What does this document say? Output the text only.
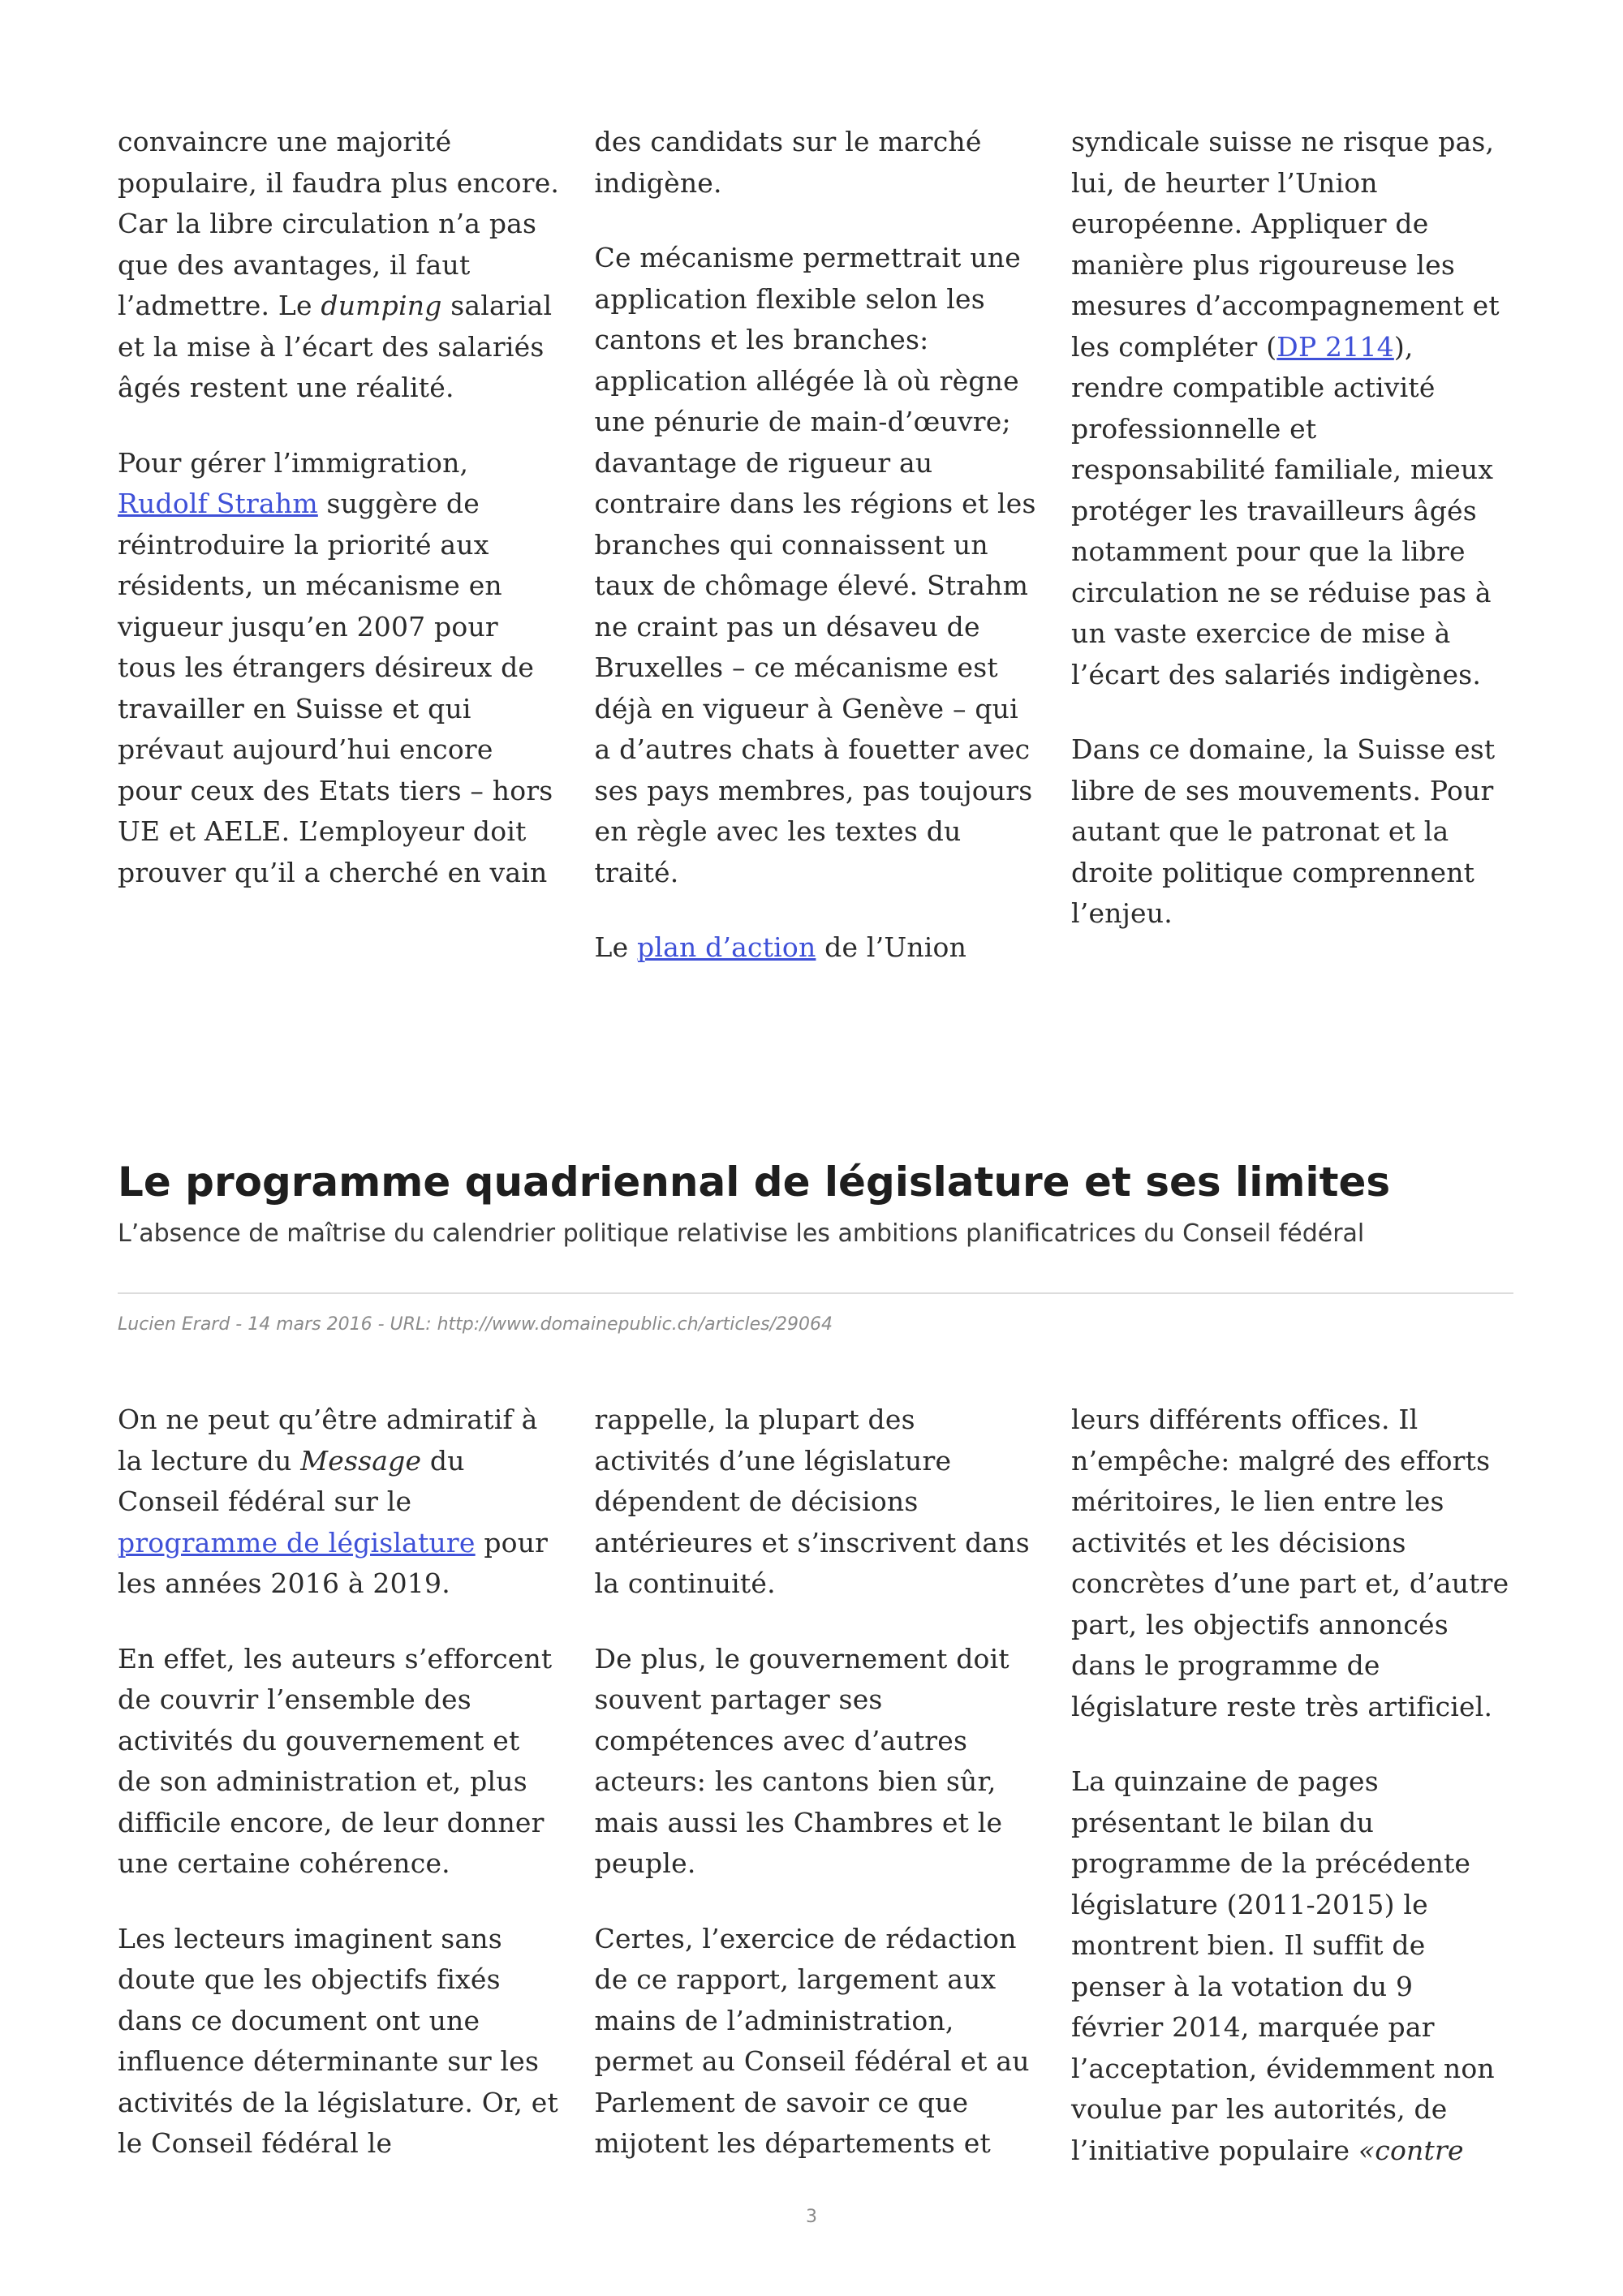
convaincre une majorité populaire, il faudra plus encore. Car la libre circulation n’a pas que des avantages, il faut l’admettre. Le dumping salarial et la mise à l’écart des salariés âgés restent une réalité.

Pour gérer l’immigration, Rudolf Strahm suggère de réintroduire la priorité aux résidents, un mécanisme en vigueur jusqu’en 2007 pour tous les étrangers désireux de travailler en Suisse et qui prévaut aujourd’hui encore pour ceux des Etats tiers – hors UE et AELE. L’employeur doit prouver qu’il a cherché en vain

des candidats sur le marché indigène.

Ce mécanisme permettrait une application flexible selon les cantons et les branches: application allégée là où règne une pénurie de main-d’œuvre; davantage de rigueur au contraire dans les régions et les branches qui connaissent un taux de chômage élevé. Strahm ne craint pas un désaveu de Bruxelles – ce mécanisme est déjà en vigueur à Genève – qui a d’autres chats à fouetter avec ses pays membres, pas toujours en règle avec les textes du traité.

Le plan d’action de l’Union

syndicale suisse ne risque pas, lui, de heurter l’Union européenne. Appliquer de manière plus rigoureuse les mesures d’accompagnement et les compléter (DP 2114), rendre compatible activité professionnelle et responsabilité familiale, mieux protéger les travailleurs âgés notamment pour que la libre circulation ne se réduise pas à un vaste exercice de mise à l’écart des salariés indigènes.

Dans ce domaine, la Suisse est libre de ses mouvements. Pour autant que le patronat et la droite politique comprennent l’enjeu.

Le programme quadriennal de législature et ses limites

L’absence de maîtrise du calendrier politique relativise les ambitions planificatrices du Conseil fédéral

Lucien Erard - 14 mars 2016 - URL: http://www.domainepublic.ch/articles/29064

On ne peut qu’être admiratif à la lecture du Message du Conseil fédéral sur le programme de législature pour les années 2016 à 2019.

En effet, les auteurs s’efforcent de couvrir l’ensemble des activités du gouvernement et de son administration et, plus difficile encore, de leur donner une certaine cohérence.

Les lecteurs imaginent sans doute que les objectifs fixés dans ce document ont une influence déterminante sur les activités de la législature. Or, et le Conseil fédéral le

rappelle, la plupart des activités d’une législature dépendent de décisions antérieures et s’inscrivent dans la continuité.

De plus, le gouvernement doit souvent partager ses compétences avec d’autres acteurs: les cantons bien sûr, mais aussi les Chambres et le peuple.

Certes, l’exercice de rédaction de ce rapport, largement aux mains de l’administration, permet au Conseil fédéral et au Parlement de savoir ce que mijotent les départements et

leurs différents offices. Il n’empêche: malgré des efforts méritoires, le lien entre les activités et les décisions concrètes d’une part et, d’autre part, les objectifs annoncés dans le programme de législature reste très artificiel.

La quinzaine de pages présentant le bilan du programme de la précédente législature (2011-2015) le montrent bien. Il suffit de penser à la votation du 9 février 2014, marquée par l’acceptation, évidemment non voulue par les autorités, de l’initiative populaire «contre

3
